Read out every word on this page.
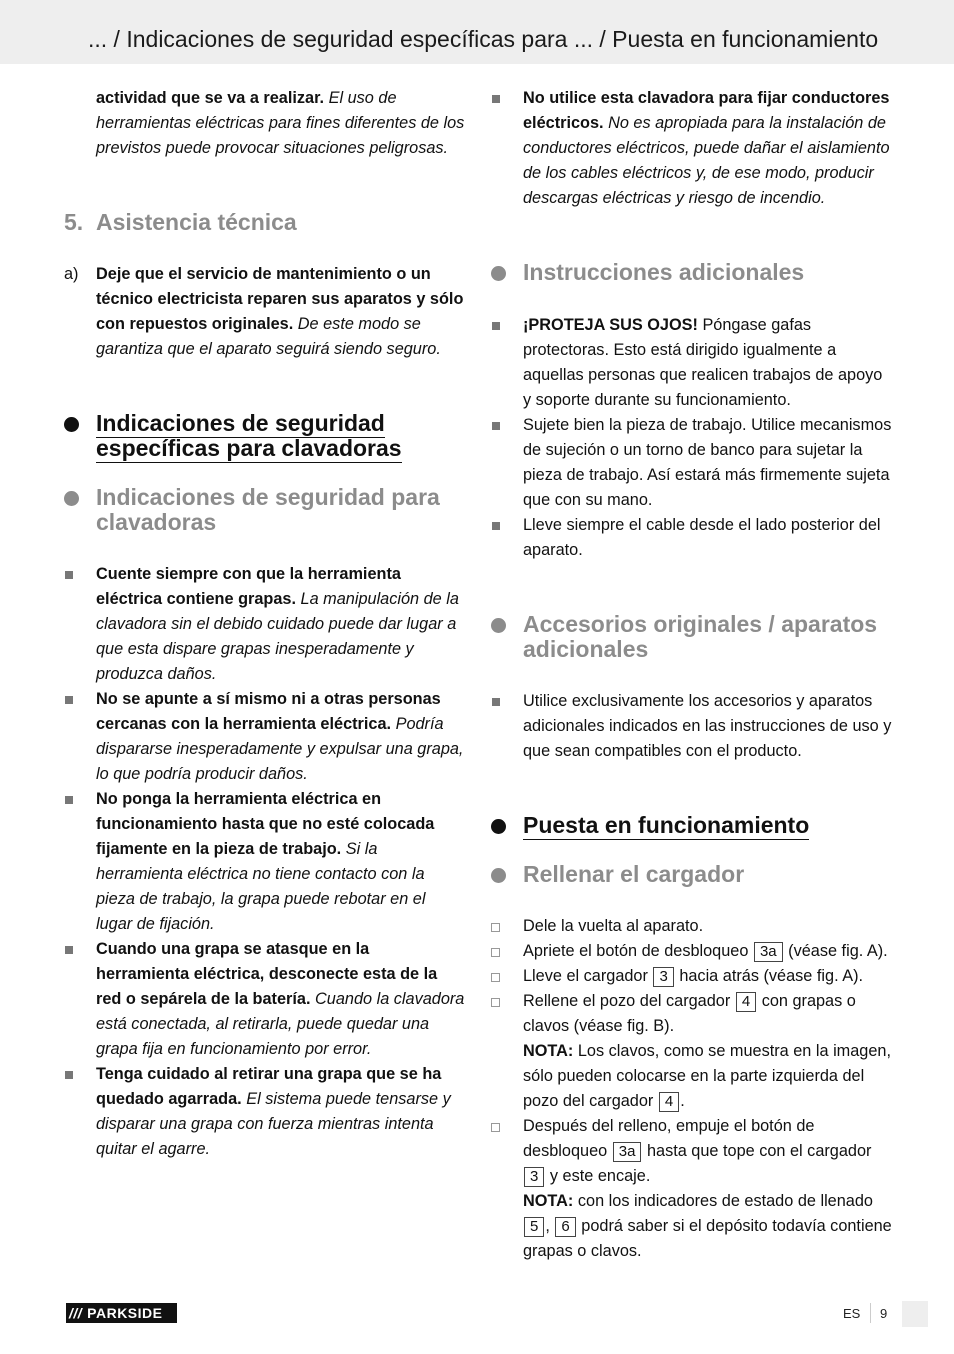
... / Indicaciones de seguridad específicas para ... / Puesta en funcionamiento

actividad que se va a realizar. El uso de herramientas eléctricas para fines diferentes de los previstos puede provocar situaciones peligrosas.

5. Asistencia técnica
a) Deje que el servicio de mantenimiento o un técnico electricista reparen sus aparatos y sólo con repuestos originales. De este modo se garantiza que el aparato seguirá siendo seguro.
Indicaciones de seguridad específicas para clavadoras
Indicaciones de seguridad para clavadoras
Cuente siempre con que la herramienta eléctrica contiene grapas. La manipulación de la clavadora sin el debido cuidado puede dar lugar a que esta dispare grapas inesperadamente y produzca daños.
No se apunte a sí mismo ni a otras personas cercanas con la herramienta eléctrica. Podría dispararse inesperadamente y expulsar una grapa, lo que podría producir daños.
No ponga la herramienta eléctrica en funcionamiento hasta que no esté colocada fijamente en la pieza de trabajo. Si la herramienta eléctrica no tiene contacto con la pieza de trabajo, la grapa puede rebotar en el lugar de fijación.
Cuando una grapa se atasque en la herramienta eléctrica, desconecte esta de la red o sepárela de la batería. Cuando la clavadora está conectada, al retirarla, puede quedar una grapa fija en funcionamiento por error.
Tenga cuidado al retirar una grapa que se ha quedado agarrada. El sistema puede tensarse y disparar una grapa con fuerza mientras intenta quitar el agarre.
No utilice esta clavadora para fijar conductores eléctricos. No es apropiada para la instalación de conductores eléctricos, puede dañar el aislamiento de los cables eléctricos y, de ese modo, producir descargas eléctricas y riesgo de incendio.
Instrucciones adicionales
¡PROTEJA SUS OJOS! Póngase gafas protectoras. Esto está dirigido igualmente a aquellas personas que realicen trabajos de apoyo y soporte durante su funcionamiento.
Sujete bien la pieza de trabajo. Utilice mecanismos de sujeción o un torno de banco para sujetar la pieza de trabajo. Así estará más firmemente sujeta que con su mano.
Lleve siempre el cable desde el lado posterior del aparato.
Accesorios originales / aparatos adicionales
Utilice exclusivamente los accesorios y aparatos adicionales indicados en las instrucciones de uso y que sean compatibles con el producto.
Puesta en funcionamiento
Rellenar el cargador
Dele la vuelta al aparato.
Apriete el botón de desbloqueo 3a (véase fig. A).
Lleve el cargador 3 hacia atrás (véase fig. A).
Rellene el pozo del cargador 4 con grapas o clavos (véase fig. B).
NOTA: Los clavos, como se muestra en la imagen, sólo pueden colocarse en la parte izquierda del pozo del cargador 4 .
Después del relleno, empuje el botón de desbloqueo 3a hasta que tope con el cargador 3 y este encaje.
NOTA: con los indicadores de estado de llenado 5 , 6 podrá saber si el depósito todavía contiene grapas o clavos.
/// PARKSIDE	ES 9
